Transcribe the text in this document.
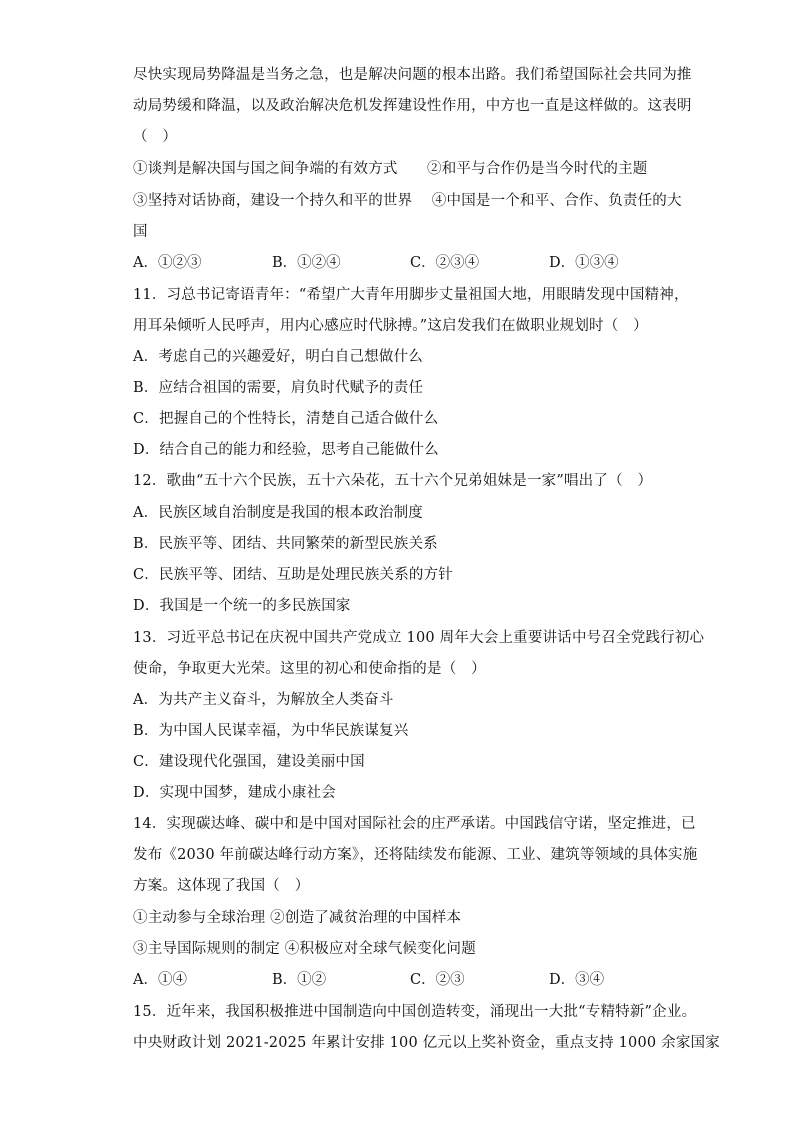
尽快实现局势降温是当务之急，也是解决问题的根本出路。我们希望国际社会共同为推
动局势缓和降温，以及政治解决危机发挥建设性作用，中方也一直是这样做的。这表明
（　）
①谈判是解决国与国之间争端的有效方式　　②和平与合作仍是当今时代的主题
③坚持对话协商，建设一个持久和平的世界　 ④中国是一个和平、合作、负责任的大
国
A．①②③	B．①②④	C．②③④	D．①③④
11．习总书记寄语青年：“希望广大青年用脚步丈量祖国大地，用眼睛发现中国精神，
用耳朵倾听人民呼声，用内心感应时代脉搏。”这启发我们在做职业规划时（　）
A．考虑自己的兴趣爱好，明白自己想做什么
B．应结合祖国的需要，肩负时代赋予的责任
C．把握自己的个性特长，清楚自己适合做什么
D．结合自己的能力和经验，思考自己能做什么
12．歌曲“五十六个民族，五十六朵花，五十六个兄弟姐妹是一家”唱出了（　）
A．民族区域自治制度是我国的根本政治制度
B．民族平等、团结、共同繁荣的新型民族关系
C．民族平等、团结、互助是处理民族关系的方针
D．我国是一个统一的多民族国家
13．习近平总书记在庆祝中国共产党成立 100 周年大会上重要讲话中号召全党践行初心
使命，争取更大光荣。这里的初心和使命指的是（　）
A．为共产主义奋斗，为解放全人类奋斗
B．为中国人民谋幸福，为中华民族谋复兴
C．建设现代化强国，建设美丽中国
D．实现中国梦，建成小康社会
14．实现碳达峰、碳中和是中国对国际社会的庄严承诺。中国践信守诺，坚定推进，已
发布《2030 年前碳达峰行动方案》，还将陆续发布能源、工业、建筑等领域的具体实施
方案。这体现了我国（　）
①主动参与全球治理 ②创造了减贫治理的中国样本
③主导国际规则的制定 ④积极应对全球气候变化问题
A．①④	B．①②	C．②③	D．③④
15．近年来，我国积极推进中国制造向中国创造转变，涌现出一大批“专精特新”企业。
中央财政计划 2021-2025 年累计安排 100 亿元以上奖补资金，重点支持 1000 余家国家
